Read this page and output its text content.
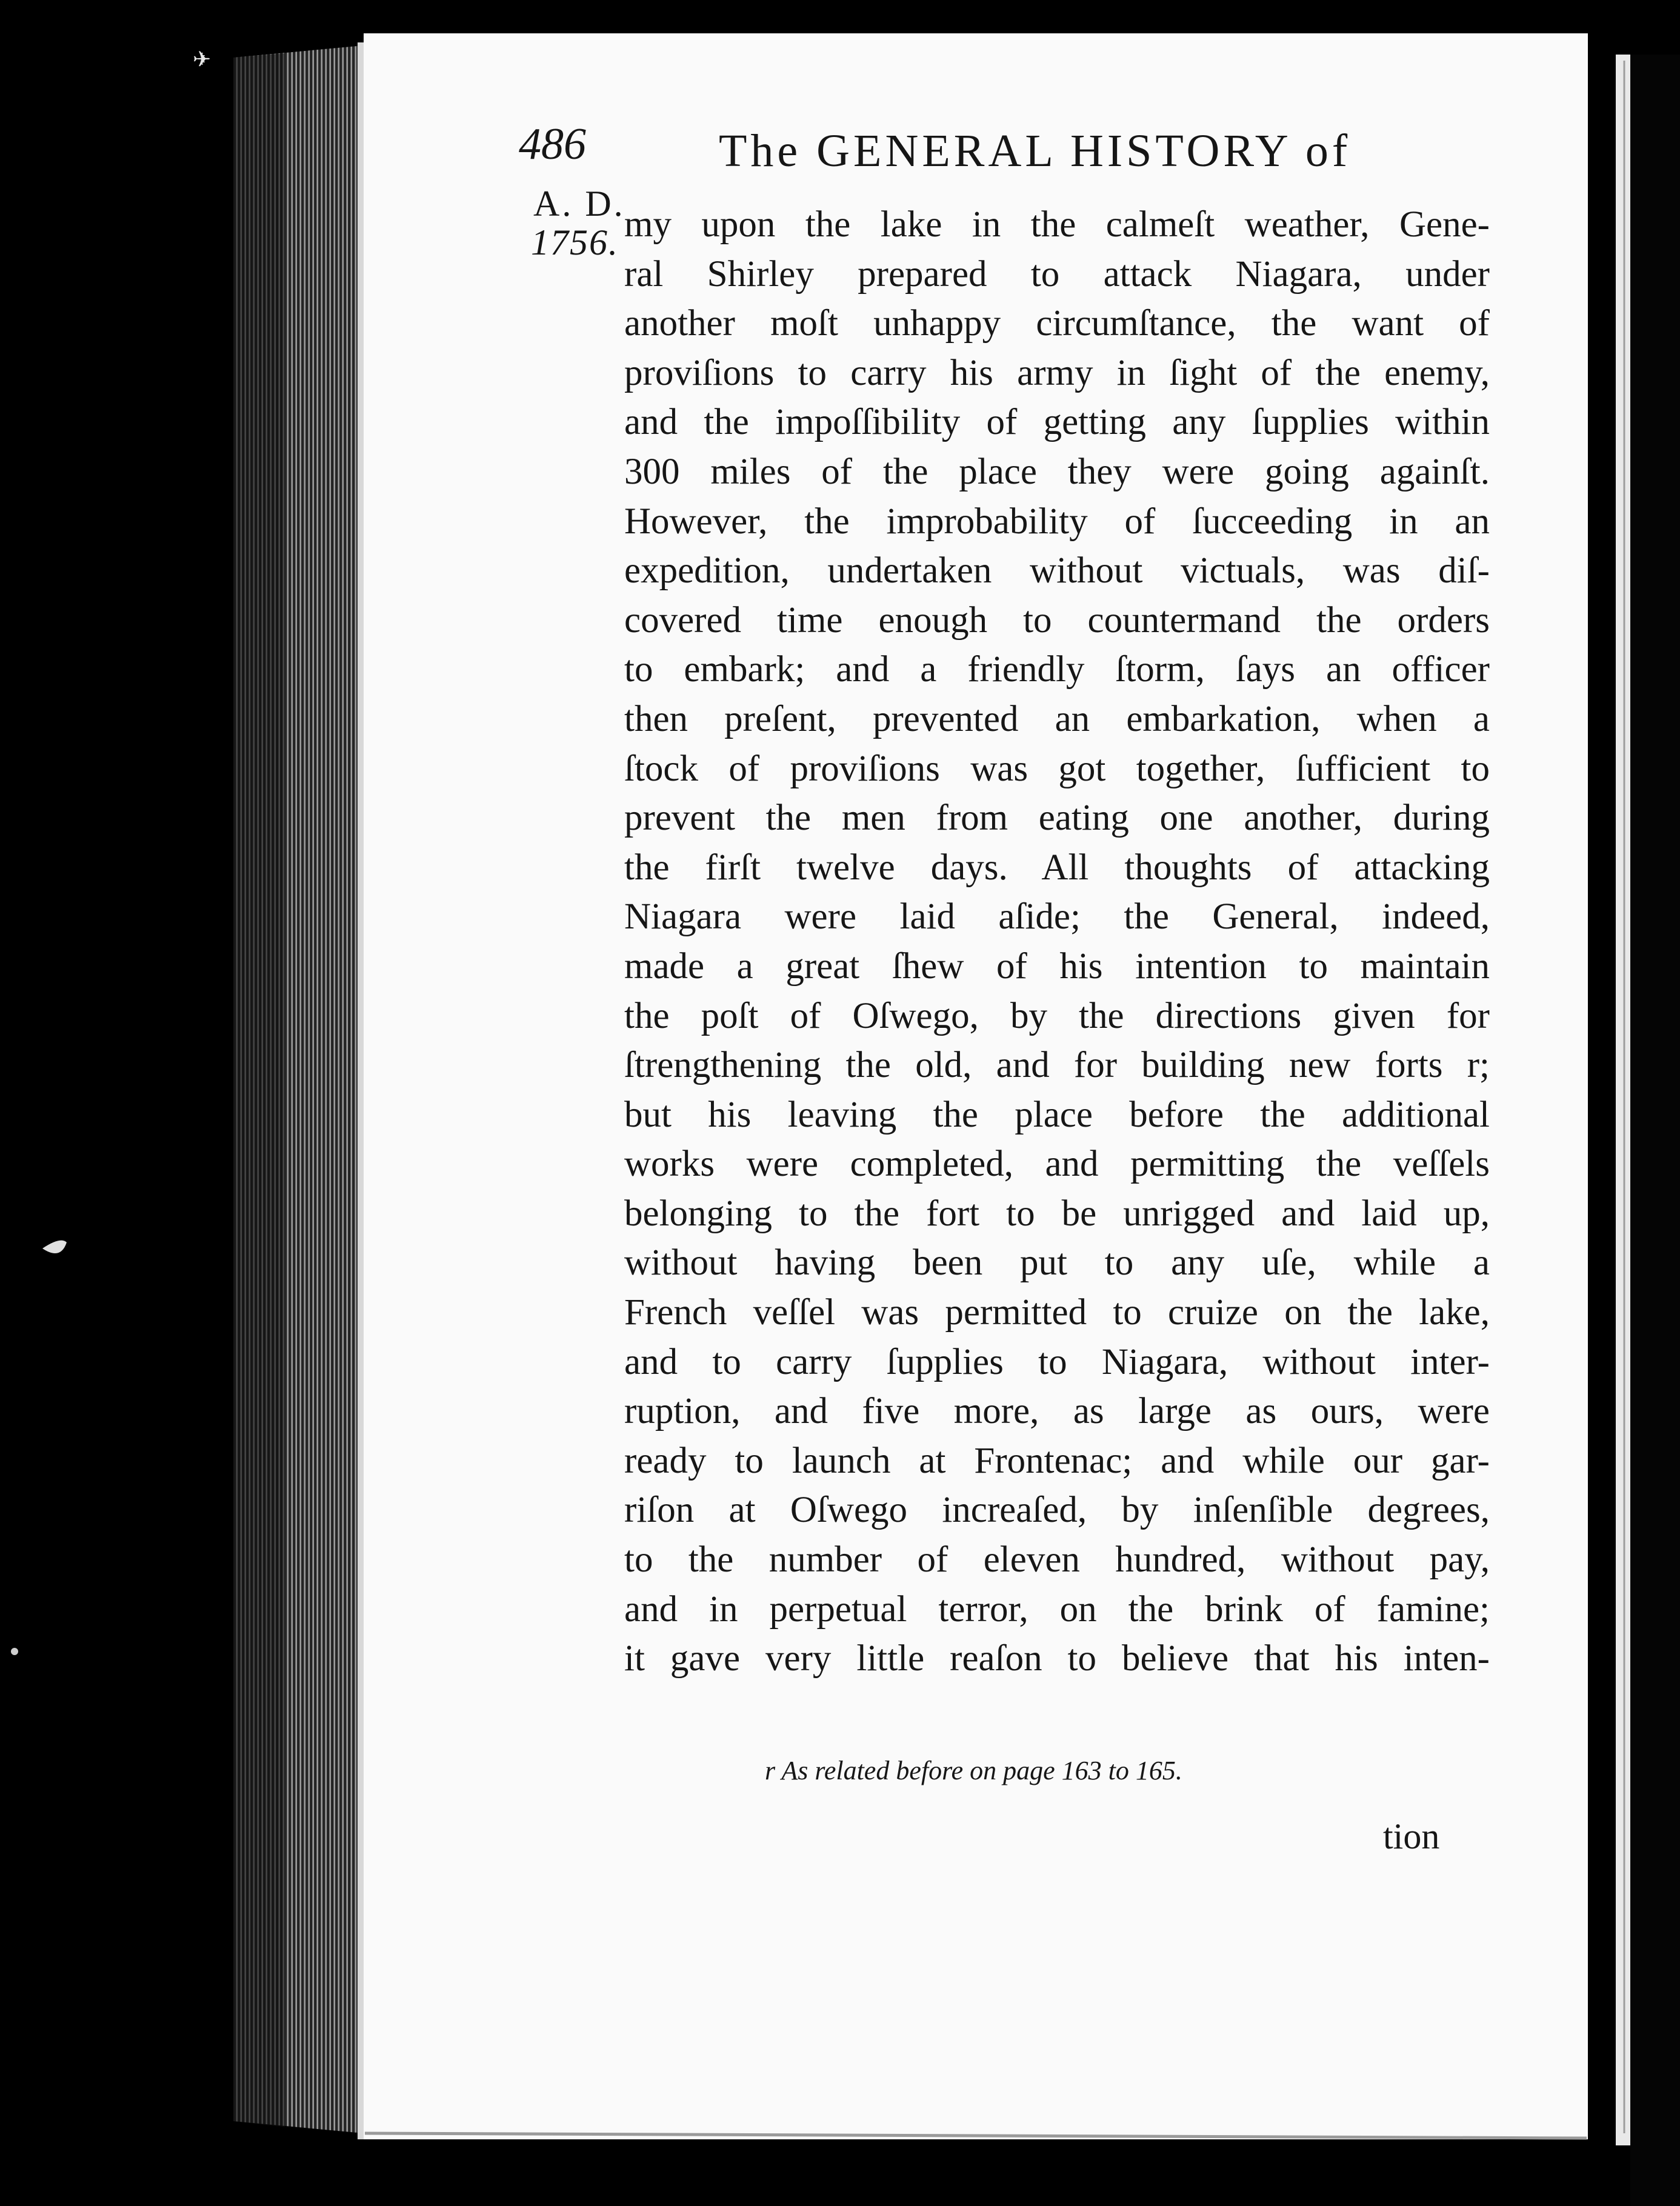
✈
486	The GENERAL HISTORY of
A. D.
1756. my upon the lake in the calmeſt weather, Gene-
ral Shirley prepared to attack Niagara, under
another moſt unhappy circumſtance, the want of
proviſions to carry his army in ſight of the enemy,
and the impoſſibility of getting any ſupplies within
300 miles of the place they were going againſt.
However, the improbability of ſucceeding in an
expedition, undertaken without victuals, was diſ-
covered time enough to countermand the orders
to embark; and a friendly ſtorm, ſays an officer
then preſent, prevented an embarkation, when a
ſtock of proviſions was got together, ſufficient to
prevent the men from eating one another, during
the firſt twelve days. All thoughts of attacking
Niagara were laid aſide; the General, indeed,
made a great ſhew of his intention to maintain
the poſt of Oſwego, by the directions given for
ſtrengthening the old, and for building new forts r;
but his leaving the place before the additional
works were completed, and permitting the veſſels
belonging to the fort to be unrigged and laid up,
without having been put to any uſe, while a
French veſſel was permitted to cruize on the lake,
and to carry ſupplies to Niagara, without inter-
ruption, and five more, as large as ours, were
ready to launch at Frontenac; and while our gar-
riſon at Oſwego increaſed, by inſenſible degrees,
to the number of eleven hundred, without pay,
and in perpetual terror, on the brink of famine;
it gave very little reaſon to believe that his inten-
r As related before on page 163 to 165.
tion
